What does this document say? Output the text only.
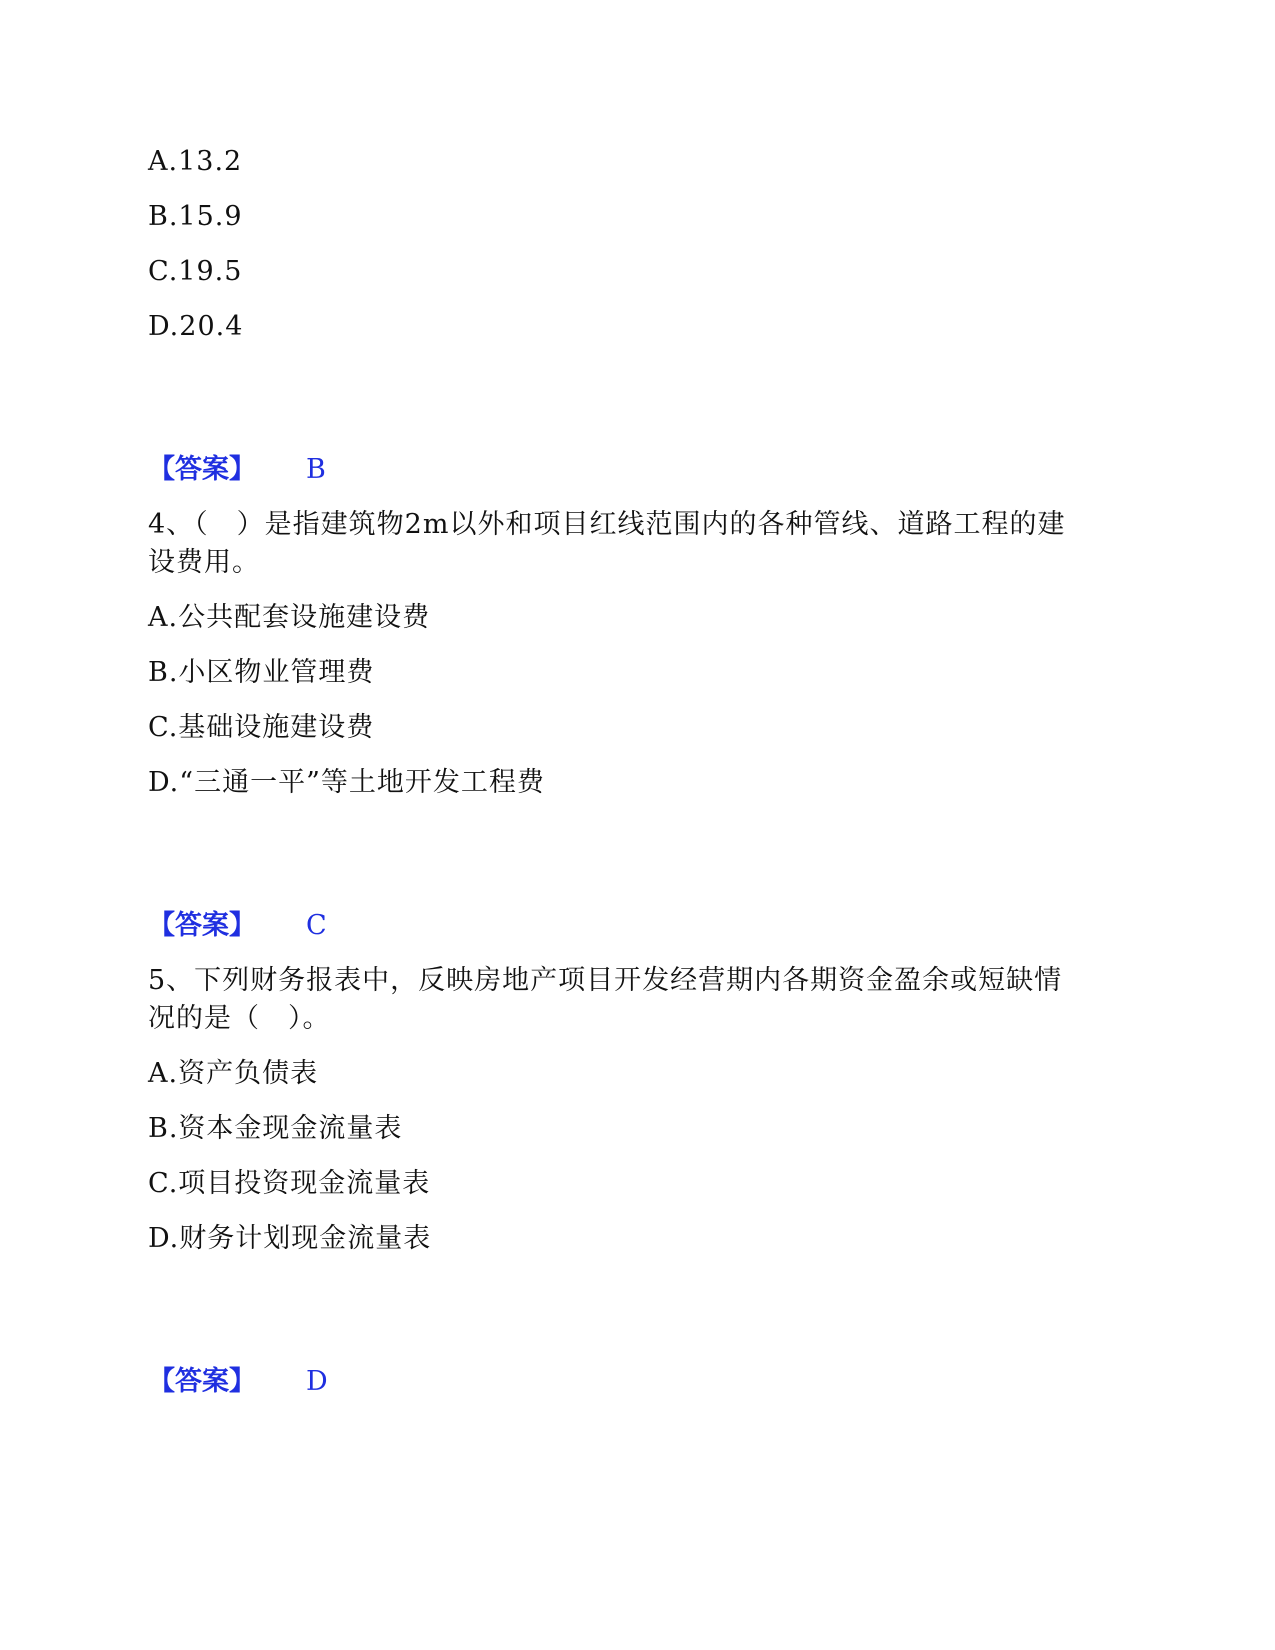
A.13.2
B.15.9
C.19.5
D.20.4
【答案】 B
4、（　）是指建筑物2m以外和项目红线范围内的各种管线、道路工程的建
设费用。
A.公共配套设施建设费
B.小区物业管理费
C.基础设施建设费
D.“三通一平”等土地开发工程费
【答案】 C
5、下列财务报表中，反映房地产项目开发经营期内各期资金盈余或短缺情
况的是（　）。
A.资产负债表
B.资本金现金流量表
C.项目投资现金流量表
D.财务计划现金流量表
【答案】 D
